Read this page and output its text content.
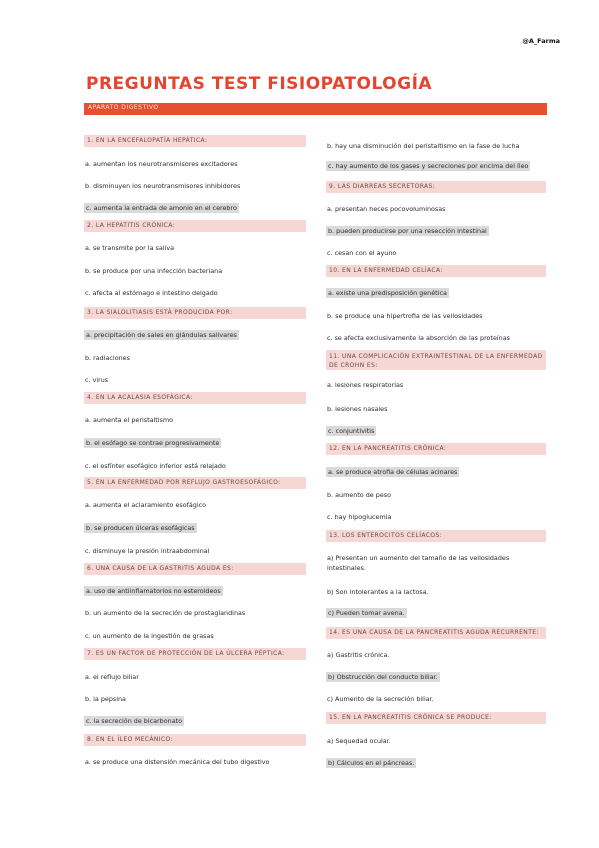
@A_Farma
PREGUNTAS TEST FISIOPATOLOGÍA
APARATO DIGESTIVO
1. EN LA ENCEFALOPATÍA HEPÁTICA:
a. aumentan los neurotransmisores excitadores
b. disminuyen los neurotransmisores inhibidores
c. aumenta la entrada de amonio en el cerebro
2. LA HEPATITIS CRÓNICA:
a. se transmite por la saliva
b. se produce por una infección bacteriana
c. afecta al estómago e intestino delgado
3. LA SIALOLITIASIS ESTÁ PRODUCIDA POR:
a. precipitación de sales en glándulas salivares
b. radiaciones
c. virus
4. EN LA ACALASIA ESOFÁGICA:
a. aumenta el peristaltismo
b. el esófago se contrae progresivamente
c. el esfínter esofágico inferior está relajado
5. EN LA ENFERMEDAD POR REFLUJO GASTROESOFÁGICO:
a. aumenta el aclaramiento esofágico
b. se producen úlceras esofágicas
c. disminuye la presión intraabdominal
6. UNA CAUSA DE LA GASTRITIS AGUDA ES:
a. uso de antiinflamatorios no esteroideos
b. un aumento de la secreción de prostaglandinas
c. un aumento de la ingestión de grasas
7. ES UN FACTOR DE PROTECCIÓN DE LA ÚLCERA PÉPTICA:
a. el reflujo biliar
b. la pepsina
c. la secreción de bicarbonato
8. EN EL ÍLEO MECÁNICO:
a. se produce una distensión mecánica del tubo digestivo
b. hay una disminución del peristaltismo en la fase de lucha
c. hay aumento de los gases y secreciones por encima del íleo
9. LAS DIARREAS SECRETORAS:
a. presentan heces pocovoluminosas
b. pueden producirse por una resección intestinal
c. cesan con el ayuno
10. EN LA ENFERMEDAD CELÍACA:
a. existe una predisposición genética
b. se produce una hipertrofia de las vellosidades
c. se afecta exclusivamente la absorción de las proteínas
11. UNA COMPLICACIÓN EXTRAINTESTINAL DE LA ENFERMEDAD DE CROHN ES:
a. lesiones respiratorias
b. lesiones nasales
c. conjuntivitis
12. EN LA PANCREATITIS CRÓNICA:
a. se produce atrofia de células acinares
b. aumento de peso
c. hay hipoglucemia
13. LOS ENTEROCITOS CELÍACOS:
a) Presentan un aumento del tamaño de las vellosidades intestinales.
b) Son intolerantes a la lactosa.
c) Pueden tomar avena.
14. ES UNA CAUSA DE LA PANCREATITIS AGUDA RECURRENTE:
a) Gastritis crónica.
b) Obstrucción del conducto biliar.
c) Aumento de la secreción biliar.
15. EN LA PANCREATITIS CRÓNICA SE PRODUCE:
a) Sequedad ocular.
b) Cálculos en el páncreas.
